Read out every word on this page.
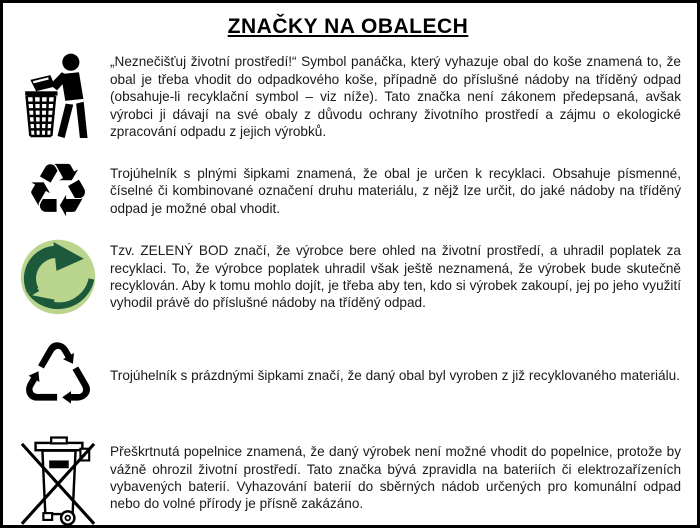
ZNAČKY NA OBALECH

„Neznečišťuj životní prostředí!“ Symbol panáčka, který vyhazuje obal do koše znamená to, že obal je třeba vhodit do odpadkového koše, případně do příslušné nádoby na tříděný odpad (obsahuje-li recyklační symbol – viz níže). Tato značka není zákonem předepsaná, avšak výrobci ji dávají na své obaly z důvodu ochrany životního prostředí a zájmu o ekologické zpracování odpadu z jejich výrobků.

♻ Trojúhelník s plnými šipkami znamená, že obal je určen k recyklaci. Obsahuje písmenné, číselné či kombinované označení druhu materiálu, z nějž lze určit, do jaké nádoby na tříděný odpad je možné obal vhodit.

Tzv. ZELENÝ BOD značí, že výrobce bere ohled na životní prostředí, a uhradil poplatek za recyklaci. To, že výrobce poplatek uhradil však ještě neznamená, že výrobek bude skutečně recyklován. Aby k tomu mohlo dojít, je třeba aby ten, kdo si výrobek zakoupí, jej po jeho využití vyhodil právě do příslušné nádoby na tříděný odpad.

♺ Trojúhelník s prázdnými šipkami značí, že daný obal byl vyroben z již recyklovaného materiálu.

Přeškrtnutá popelnice znamená, že daný výrobek není možné vhodit do popelnice, protože by vážně ohrozil životní prostředí. Tato značka bývá zpravidla na bateriích či elektrozařízeních vybavených baterií. Vyhazování baterií do sběrných nádob určených pro komunální odpad nebo do volné přírody je přísně zakázáno.
